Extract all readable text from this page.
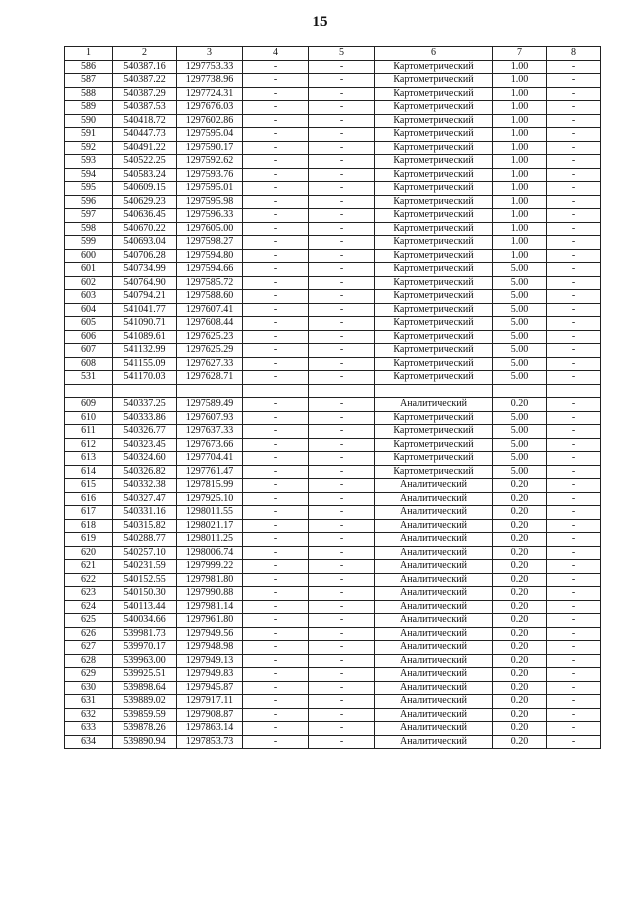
15
1	2	3	4	5	6	7	8
586	540387.16	1297753.33	-	-	Картометрический	1.00	-
587	540387.22	1297738.96	-	-	Картометрический	1.00	-
588	540387.29	1297724.31	-	-	Картометрический	1.00	-
589	540387.53	1297676.03	-	-	Картометрический	1.00	-
590	540418.72	1297602.86	-	-	Картометрический	1.00	-
591	540447.73	1297595.04	-	-	Картометрический	1.00	-
592	540491.22	1297590.17	-	-	Картометрический	1.00	-
593	540522.25	1297592.62	-	-	Картометрический	1.00	-
594	540583.24	1297593.76	-	-	Картометрический	1.00	-
595	540609.15	1297595.01	-	-	Картометрический	1.00	-
596	540629.23	1297595.98	-	-	Картометрический	1.00	-
597	540636.45	1297596.33	-	-	Картометрический	1.00	-
598	540670.22	1297605.00	-	-	Картометрический	1.00	-
599	540693.04	1297598.27	-	-	Картометрический	1.00	-
600	540706.28	1297594.80	-	-	Картометрический	1.00	-
601	540734.99	1297594.66	-	-	Картометрический	5.00	-
602	540764.90	1297585.72	-	-	Картометрический	5.00	-
603	540794.21	1297588.60	-	-	Картометрический	5.00	-
604	541041.77	1297607.41	-	-	Картометрический	5.00	-
605	541090.71	1297608.44	-	-	Картометрический	5.00	-
606	541089.61	1297625.23	-	-	Картометрический	5.00	-
607	541132.99	1297625.29	-	-	Картометрический	5.00	-
608	541155.09	1297627.33	-	-	Картометрический	5.00	-
531	541170.03	1297628.71	-	-	Картометрический	5.00	-

609	540337.25	1297589.49	-	-	Аналитический	0.20	-
610	540333.86	1297607.93	-	-	Картометрический	5.00	-
611	540326.77	1297637.33	-	-	Картометрический	5.00	-
612	540323.45	1297673.66	-	-	Картометрический	5.00	-
613	540324.60	1297704.41	-	-	Картометрический	5.00	-
614	540326.82	1297761.47	-	-	Картометрический	5.00	-
615	540332.38	1297815.99	-	-	Аналитический	0.20	-
616	540327.47	1297925.10	-	-	Аналитический	0.20	-
617	540331.16	1298011.55	-	-	Аналитический	0.20	-
618	540315.82	1298021.17	-	-	Аналитический	0.20	-
619	540288.77	1298011.25	-	-	Аналитический	0.20	-
620	540257.10	1298006.74	-	-	Аналитический	0.20	-
621	540231.59	1297999.22	-	-	Аналитический	0.20	-
622	540152.55	1297981.80	-	-	Аналитический	0.20	-
623	540150.30	1297990.88	-	-	Аналитический	0.20	-
624	540113.44	1297981.14	-	-	Аналитический	0.20	-
625	540034.66	1297961.80	-	-	Аналитический	0.20	-
626	539981.73	1297949.56	-	-	Аналитический	0.20	-
627	539970.17	1297948.98	-	-	Аналитический	0.20	-
628	539963.00	1297949.13	-	-	Аналитический	0.20	-
629	539925.51	1297949.83	-	-	Аналитический	0.20	-
630	539898.64	1297945.87	-	-	Аналитический	0.20	-
631	539889.02	1297917.11	-	-	Аналитический	0.20	-
632	539859.59	1297908.87	-	-	Аналитический	0.20	-
633	539878.26	1297863.14	-	-	Аналитический	0.20	-
634	539890.94	1297853.73	-	-	Аналитический	0.20	-
